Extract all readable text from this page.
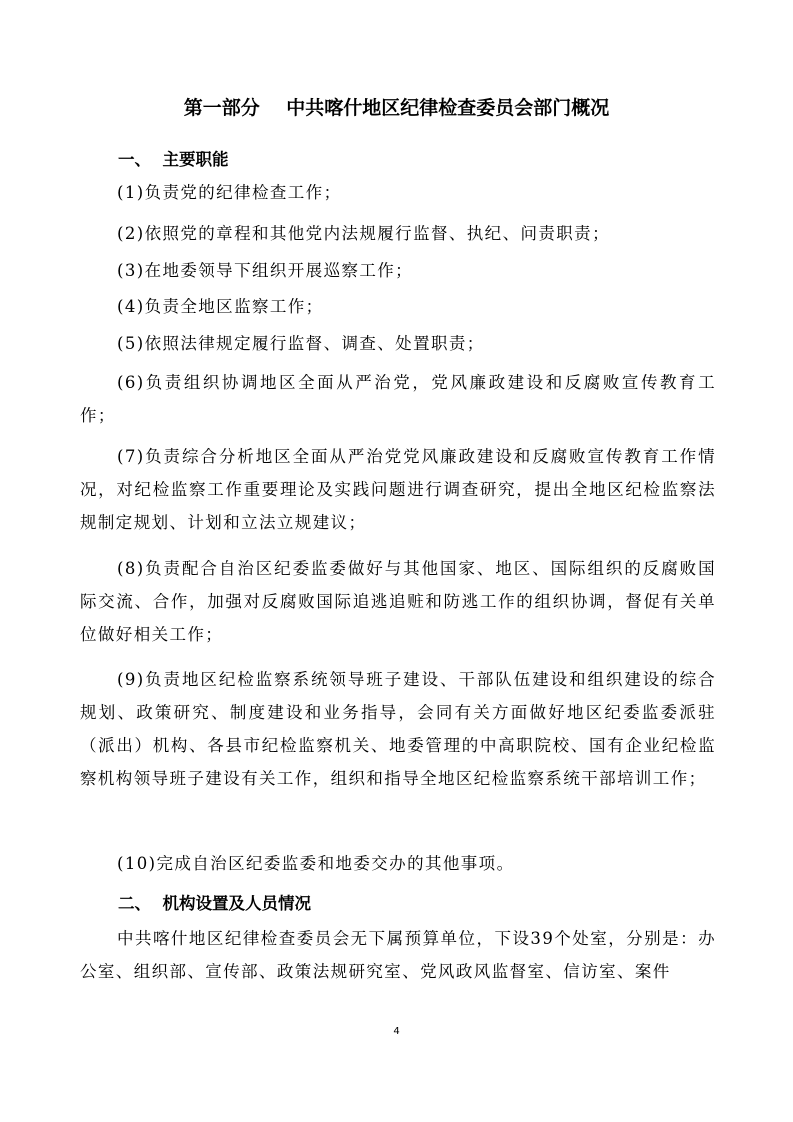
第一部分    中共喀什地区纪律检查委员会部门概况
一、  主要职能
(1)负责党的纪律检查工作；
(2)依照党的章程和其他党内法规履行监督、执纪、问责职责；
(3)在地委领导下组织开展巡察工作；
(4)负责全地区监察工作；
(5)依照法律规定履行监督、调查、处置职责；
(6)负责组织协调地区全面从严治党，党风廉政建设和反腐败宣传教育工作；
(7)负责综合分析地区全面从严治党党风廉政建设和反腐败宣传教育工作情况，对纪检监察工作重要理论及实践问题进行调查研究，提出全地区纪检监察法规制定规划、计划和立法立规建议；
(8)负责配合自治区纪委监委做好与其他国家、地区、国际组织的反腐败国际交流、合作，加强对反腐败国际追逃追赃和防逃工作的组织协调，督促有关单位做好相关工作；
(9)负责地区纪检监察系统领导班子建设、干部队伍建设和组织建设的综合规划、政策研究、制度建设和业务指导，会同有关方面做好地区纪委监委派驻（派出）机构、各县市纪检监察机关、地委管理的中高职院校、国有企业纪检监察机构领导班子建设有关工作，组织和指导全地区纪检监察系统干部培训工作；
(10)完成自治区纪委监委和地委交办的其他事项。
二、  机构设置及人员情况
中共喀什地区纪律检查委员会无下属预算单位，下设39个处室，分别是：办公室、组织部、宣传部、政策法规研究室、党风政风监督室、信访室、案件
4
